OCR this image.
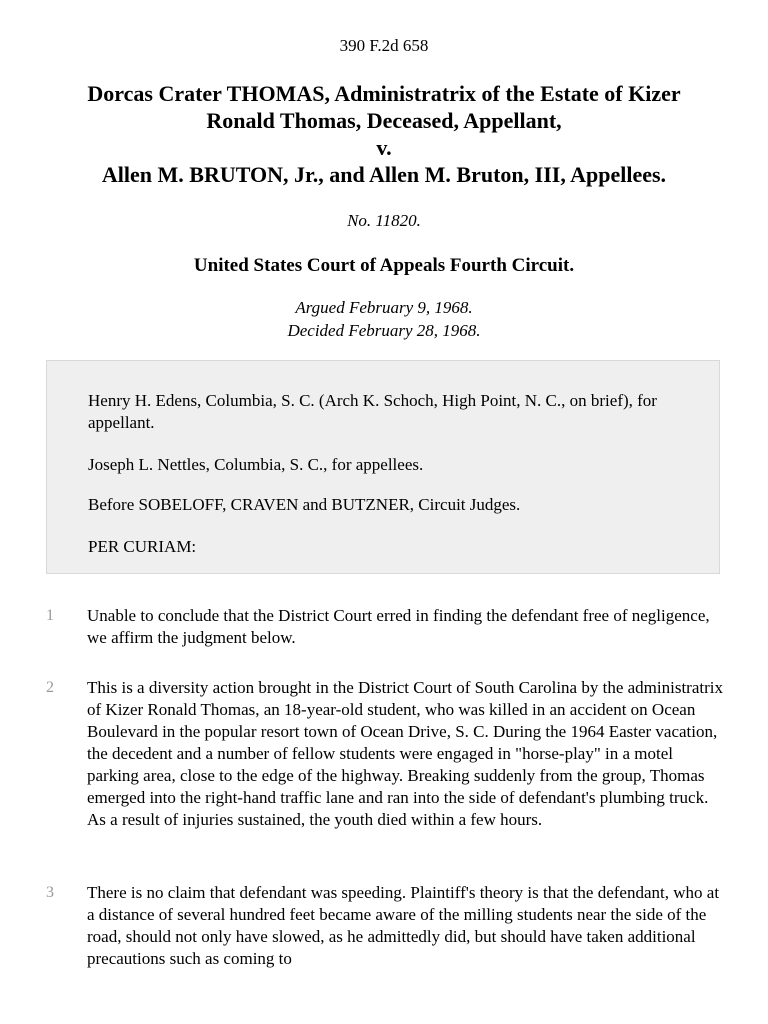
390 F.2d 658
Dorcas Crater THOMAS, Administratrix of the Estate of Kizer
Ronald Thomas, Deceased, Appellant,
v.
Allen M. BRUTON, Jr., and Allen M. Bruton, III, Appellees.
No. 11820.
United States Court of Appeals Fourth Circuit.
Argued February 9, 1968.
Decided February 28, 1968.

Henry H. Edens, Columbia, S. C. (Arch K. Schoch, High Point, N. C., on brief), for appellant.

Joseph L. Nettles, Columbia, S. C., for appellees.

Before SOBELOFF, CRAVEN and BUTZNER, Circuit Judges.

PER CURIAM:

1	Unable to conclude that the District Court erred in finding the defendant free of negligence, we affirm the judgment below.

2	This is a diversity action brought in the District Court of South Carolina by the administratrix of Kizer Ronald Thomas, an 18-year-old student, who was killed in an accident on Ocean Boulevard in the popular resort town of Ocean Drive, S. C. During the 1964 Easter vacation, the decedent and a number of fellow students were engaged in "horse-play" in a motel parking area, close to the edge of the highway. Breaking suddenly from the group, Thomas emerged into the right-hand traffic lane and ran into the side of defendant's plumbing truck. As a result of injuries sustained, the youth died within a few hours.

3	There is no claim that defendant was speeding. Plaintiff's theory is that the defendant, who at a distance of several hundred feet became aware of the milling students near the side of the road, should not only have slowed, as he admittedly did, but should have taken additional precautions such as coming to
